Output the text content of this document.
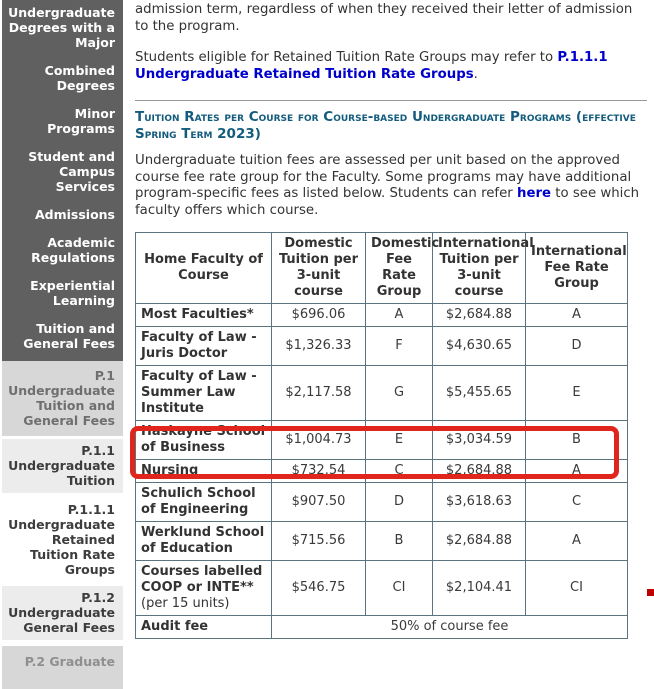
Undergraduate Degrees with a Major
Combined Degrees
Minor Programs
Student and Campus Services
Admissions
Academic Regulations
Experiential Learning
Tuition and General Fees
P.1 Undergraduate Tuition and General Fees
P.1.1 Undergraduate Tuition
P.1.1.1 Undergraduate Retained Tuition Rate Groups
P.1.2 Undergraduate General Fees
P.2 Graduate

admission term, regardless of when they received their letter of admission to the program.

Students eligible for Retained Tuition Rate Groups may refer to P.1.1.1 Undergraduate Retained Tuition Rate Groups.

Tuition Rates per Course for Course-based Undergraduate Programs (effective Spring Term 2023)

Undergraduate tuition fees are assessed per unit based on the approved course fee rate group for the Faculty. Some programs may have additional program-specific fees as listed below. Students can refer here to see which faculty offers which course.

Home Faculty of Course	Domestic Tuition per 3-unit course	Domestic Fee Rate Group	International Tuition per 3-unit course	International Fee Rate Group
Most Faculties*	$696.06	A	$2,684.88	A
Faculty of Law - Juris Doctor	$1,326.33	F	$4,630.65	D
Faculty of Law - Summer Law Institute	$2,117.58	G	$5,455.65	E
Haskayne School of Business	$1,004.73	E	$3,034.59	B
Nursing	$732.54	C	$2,684.88	A
Schulich School of Engineering	$907.50	D	$3,618.63	C
Werklund School of Education	$715.56	B	$2,684.88	A
Courses labelled COOP or INTE**
(per 15 units)	$546.75	CI	$2,104.41	CI
Audit fee	50% of course fee			
